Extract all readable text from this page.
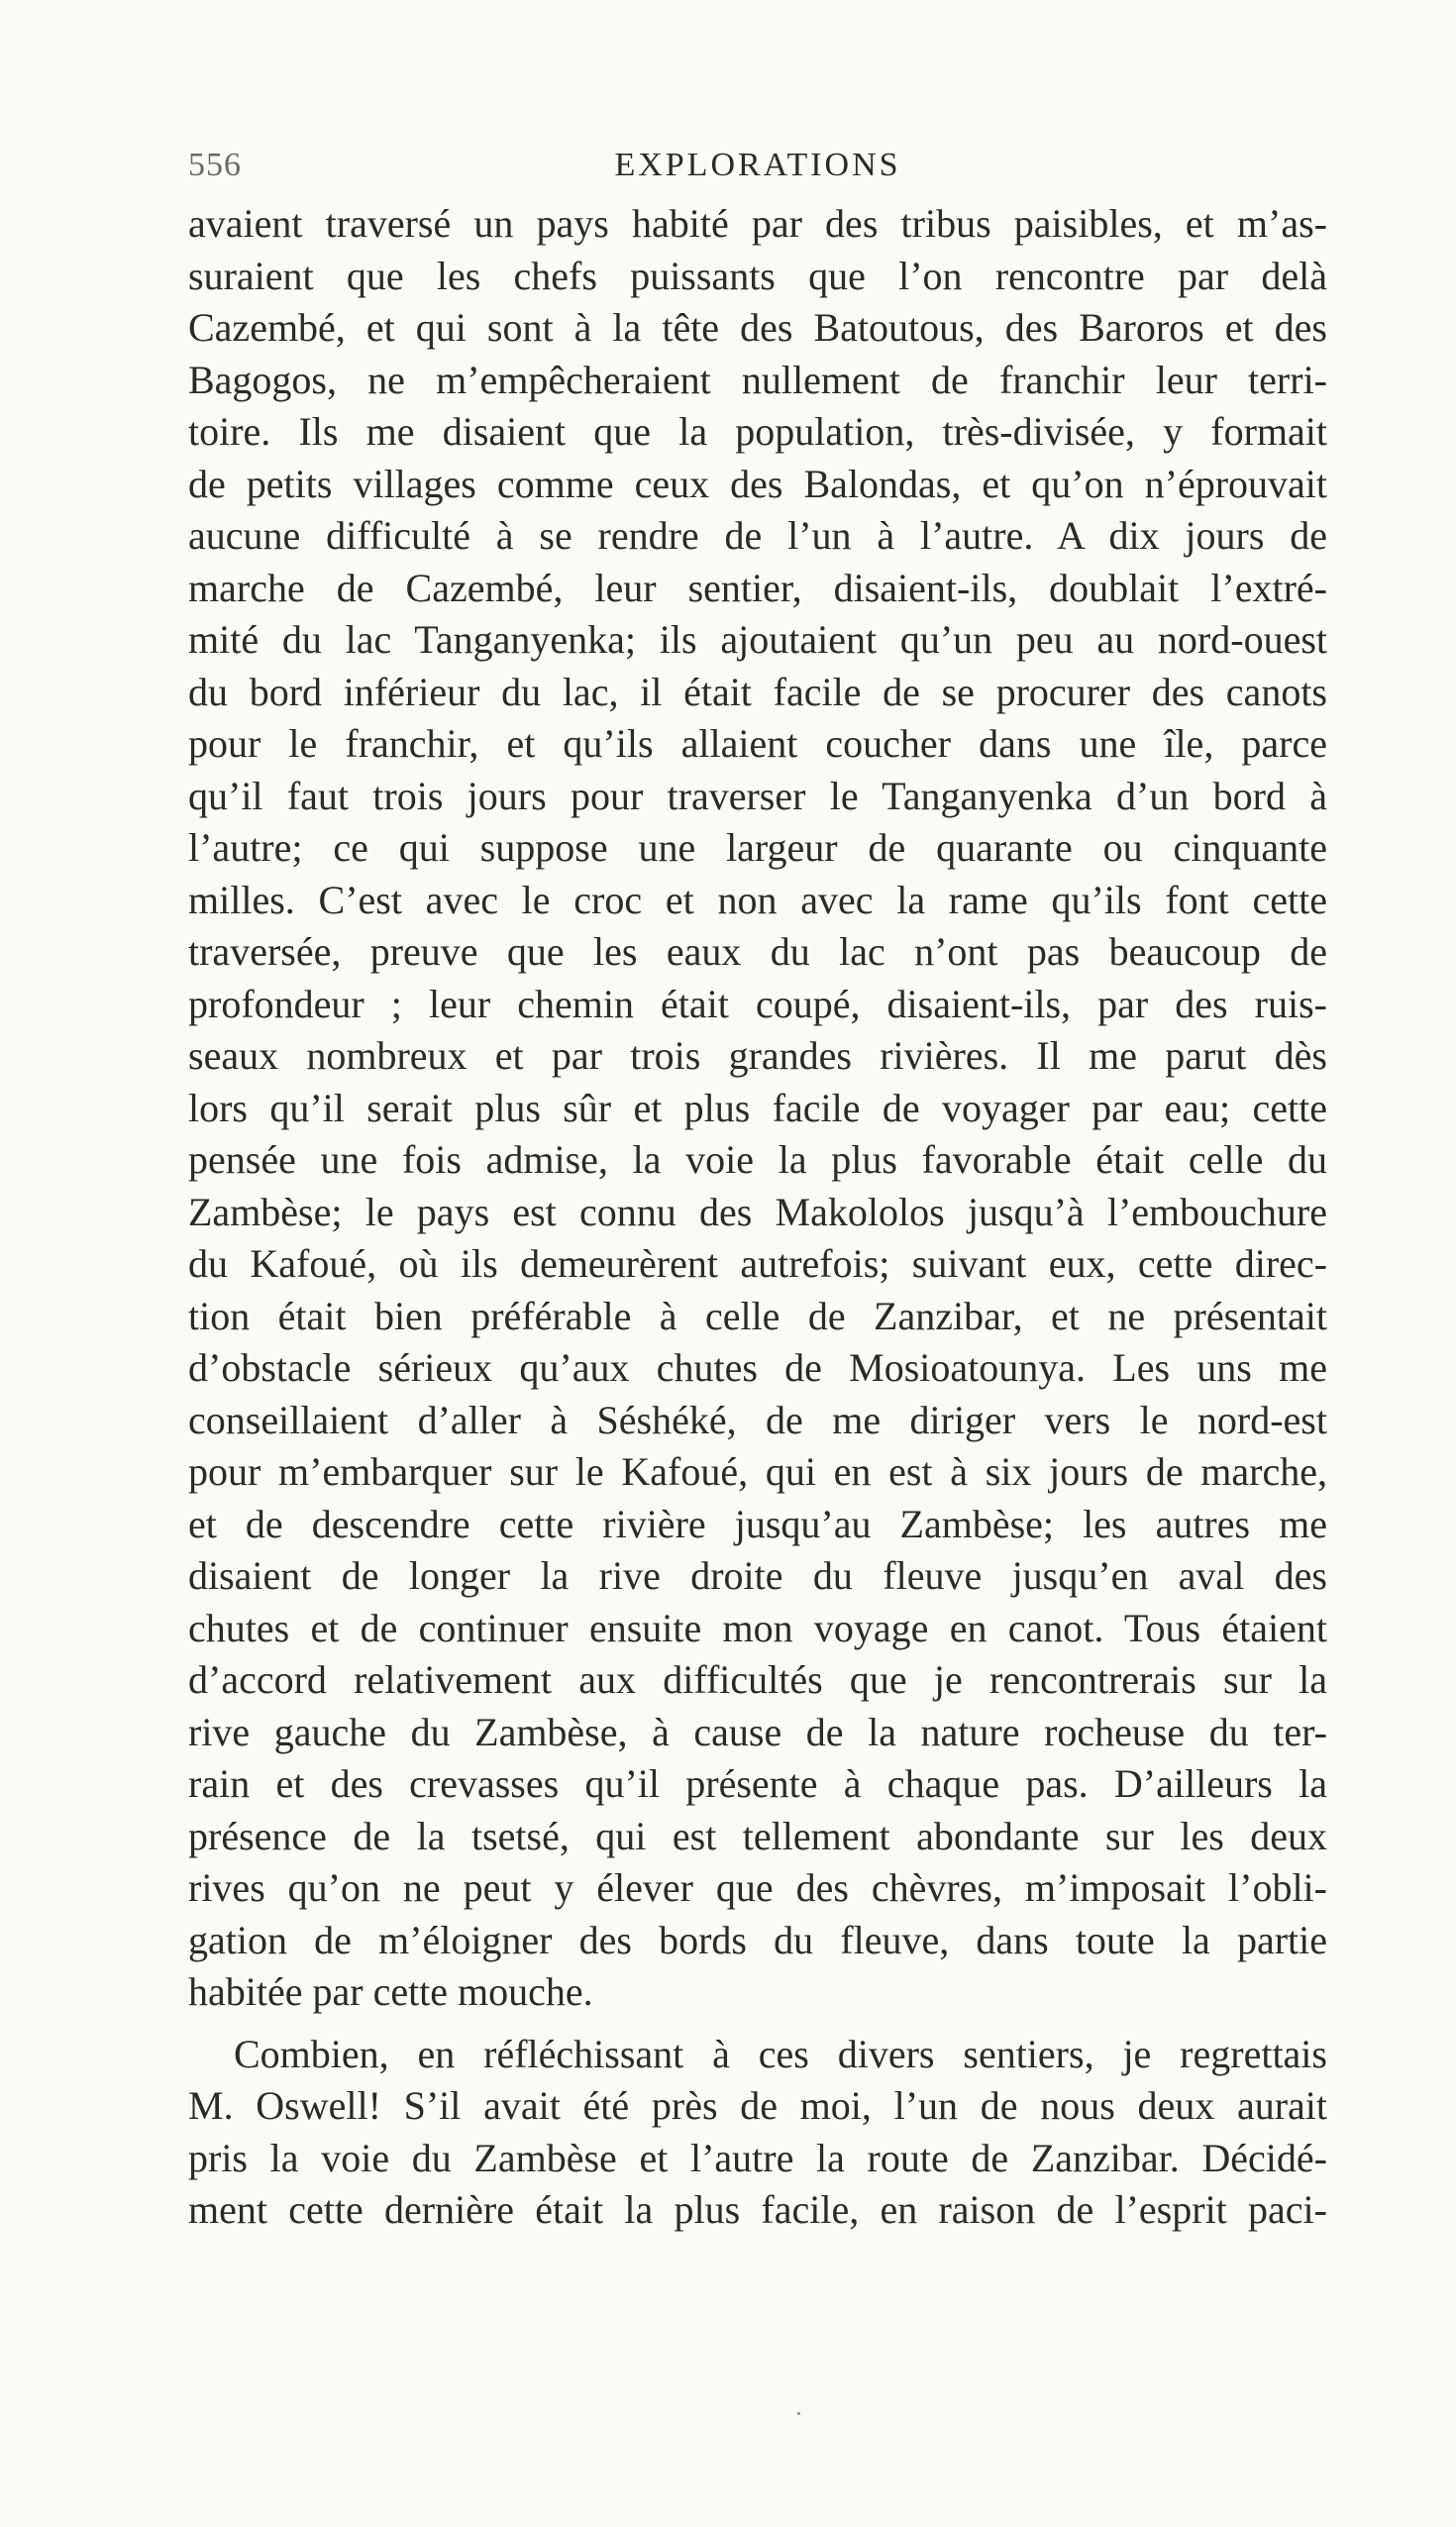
556	EXPLORATIONS
avaient traversé un pays habité par des tribus paisibles, et m’as-
suraient que les chefs puissants que l’on rencontre par delà
Cazembé, et qui sont à la tête des Batoutous, des Baroros et des
Bagogos, ne m’empêcheraient nullement de franchir leur terri-
toire. Ils me disaient que la population, très-divisée, y formait
de petits villages comme ceux des Balondas, et qu’on n’éprouvait
aucune difficulté à se rendre de l’un à l’autre. A dix jours de
marche de Cazembé, leur sentier, disaient-ils, doublait l’extré-
mité du lac Tanganyenka; ils ajoutaient qu’un peu au nord-ouest
du bord inférieur du lac, il était facile de se procurer des canots
pour le franchir, et qu’ils allaient coucher dans une île, parce
qu’il faut trois jours pour traverser le Tanganyenka d’un bord à
l’autre; ce qui suppose une largeur de quarante ou cinquante
milles. C’est avec le croc et non avec la rame qu’ils font cette
traversée, preuve que les eaux du lac n’ont pas beaucoup de
profondeur ; leur chemin était coupé, disaient-ils, par des ruis-
seaux nombreux et par trois grandes rivières. Il me parut dès
lors qu’il serait plus sûr et plus facile de voyager par eau; cette
pensée une fois admise, la voie la plus favorable était celle du
Zambèse; le pays est connu des Makololos jusqu’à l’embouchure
du Kafoué, où ils demeurèrent autrefois; suivant eux, cette direc-
tion était bien préférable à celle de Zanzibar, et ne présentait
d’obstacle sérieux qu’aux chutes de Mosioatounya. Les uns me
conseillaient d’aller à Séshéké, de me diriger vers le nord-est
pour m’embarquer sur le Kafoué, qui en est à six jours de marche,
et de descendre cette rivière jusqu’au Zambèse; les autres me
disaient de longer la rive droite du fleuve jusqu’en aval des
chutes et de continuer ensuite mon voyage en canot. Tous étaient
d’accord relativement aux difficultés que je rencontrerais sur la
rive gauche du Zambèse, à cause de la nature rocheuse du ter-
rain et des crevasses qu’il présente à chaque pas. D’ailleurs la
présence de la tsetsé, qui est tellement abondante sur les deux
rives qu’on ne peut y élever que des chèvres, m’imposait l’obli-
gation de m’éloigner des bords du fleuve, dans toute la partie
habitée par cette mouche.
Combien, en réfléchissant à ces divers sentiers, je regrettais
M. Oswell! S’il avait été près de moi, l’un de nous deux aurait
pris la voie du Zambèse et l’autre la route de Zanzibar. Décidé-
ment cette dernière était la plus facile, en raison de l’esprit paci-
